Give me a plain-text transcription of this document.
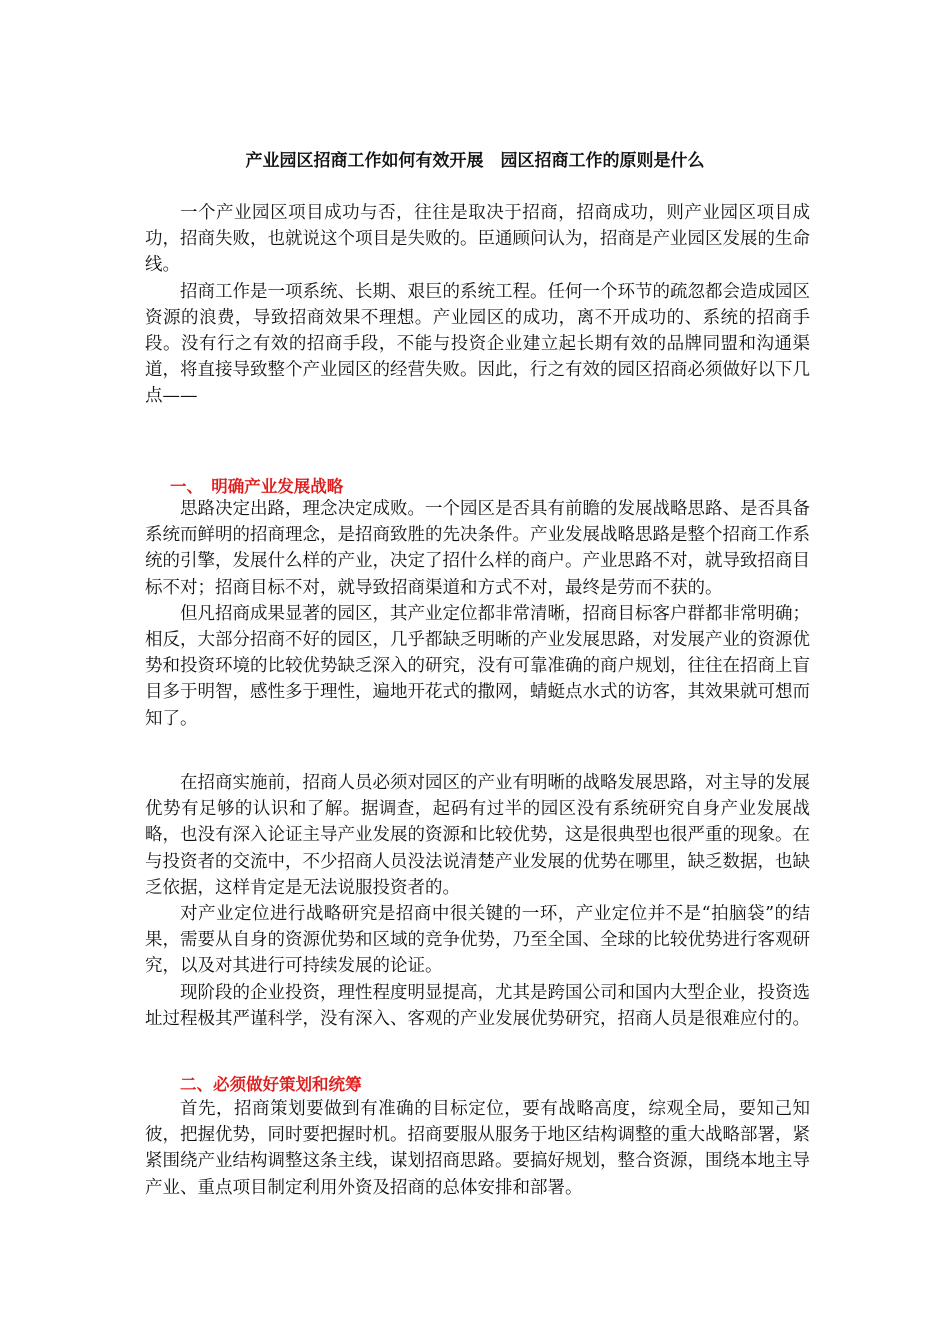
产业园区招商工作如何有效开展　园区招商工作的原则是什么

一个产业园区项目成功与否，往往是取决于招商，招商成功，则产业园区项目成功，招商失败，也就说这个项目是失败的。臣通顾问认为，招商是产业园区发展的生命线。

招商工作是一项系统、长期、艰巨的系统工程。任何一个环节的疏忽都会造成园区资源的浪费，导致招商效果不理想。产业园区的成功，离不开成功的、系统的招商手段。没有行之有效的招商手段，不能与投资企业建立起长期有效的品牌同盟和沟通渠道，将直接导致整个产业园区的经营失败。因此，行之有效的园区招商必须做好以下几点——

一、　明确产业发展战略

思路决定出路，理念决定成败。一个园区是否具有前瞻的发展战略思路、是否具备系统而鲜明的招商理念，是招商致胜的先决条件。产业发展战略思路是整个招商工作系统的引擎，发展什么样的产业，决定了招什么样的商户。产业思路不对，就导致招商目标不对；招商目标不对，就导致招商渠道和方式不对，最终是劳而不获的。

但凡招商成果显著的园区，其产业定位都非常清晰，招商目标客户群都非常明确；相反，大部分招商不好的园区，几乎都缺乏明晰的产业发展思路，对发展产业的资源优势和投资环境的比较优势缺乏深入的研究，没有可靠准确的商户规划，往往在招商上盲目多于明智，感性多于理性，遍地开花式的撒网，蜻蜓点水式的访客，其效果就可想而知了。

在招商实施前，招商人员必须对园区的产业有明晰的战略发展思路，对主导的发展优势有足够的认识和了解。据调查，起码有过半的园区没有系统研究自身产业发展战略，也没有深入论证主导产业发展的资源和比较优势，这是很典型也很严重的现象。在与投资者的交流中，不少招商人员没法说清楚产业发展的优势在哪里，缺乏数据，也缺乏依据，这样肯定是无法说服投资者的。

对产业定位进行战略研究是招商中很关键的一环，产业定位并不是“拍脑袋”的结果，需要从自身的资源优势和区域的竞争优势，乃至全国、全球的比较优势进行客观研究，以及对其进行可持续发展的论证。

现阶段的企业投资，理性程度明显提高，尤其是跨国公司和国内大型企业，投资选址过程极其严谨科学，没有深入、客观的产业发展优势研究，招商人员是很难应付的。

二、必须做好策划和统筹

首先，招商策划要做到有准确的目标定位，要有战略高度，综观全局，要知己知彼，把握优势，同时要把握时机。招商要服从服务于地区结构调整的重大战略部署，紧紧围绕产业结构调整这条主线，谋划招商思路。要搞好规划，整合资源，围绕本地主导产业、重点项目制定利用外资及招商的总体安排和部署。
